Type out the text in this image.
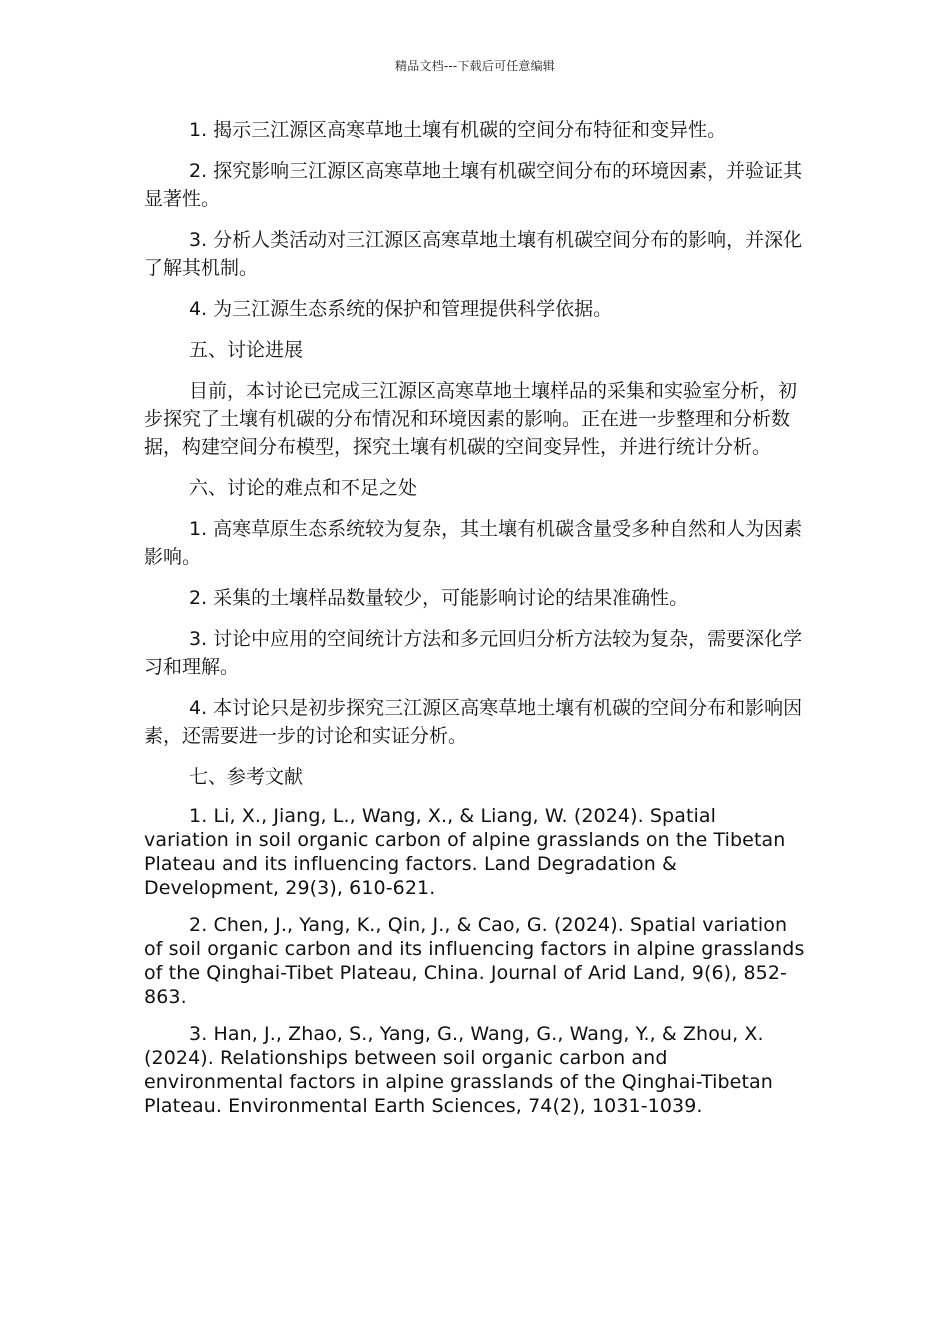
精品文档---下载后可任意编辑

1. 揭示三江源区高寒草地土壤有机碳的空间分布特征和变异性。

2. 探究影响三江源区高寒草地土壤有机碳空间分布的环境因素，并验证其显著性。

3. 分析人类活动对三江源区高寒草地土壤有机碳空间分布的影响，并深化了解其机制。

4. 为三江源生态系统的保护和管理提供科学依据。

五、讨论进展

目前，本讨论已完成三江源区高寒草地土壤样品的采集和实验室分析，初步探究了土壤有机碳的分布情况和环境因素的影响。正在进一步整理和分析数据，构建空间分布模型，探究土壤有机碳的空间变异性，并进行统计分析。

六、讨论的难点和不足之处

1. 高寒草原生态系统较为复杂，其土壤有机碳含量受多种自然和人为因素影响。

2. 采集的土壤样品数量较少，可能影响讨论的结果准确性。

3. 讨论中应用的空间统计方法和多元回归分析方法较为复杂，需要深化学习和理解。

4. 本讨论只是初步探究三江源区高寒草地土壤有机碳的空间分布和影响因素，还需要进一步的讨论和实证分析。

七、参考文献

1. Li, X., Jiang, L., Wang, X., & Liang, W. (2024). Spatial variation in soil organic carbon of alpine grasslands on the Tibetan Plateau and its influencing factors. Land Degradation & Development, 29(3), 610-621.

2. Chen, J., Yang, K., Qin, J., & Cao, G. (2024). Spatial variation of soil organic carbon and its influencing factors in alpine grasslands of the Qinghai-Tibet Plateau, China. Journal of Arid Land, 9(6), 852-863.

3. Han, J., Zhao, S., Yang, G., Wang, G., Wang, Y., & Zhou, X. (2024). Relationships between soil organic carbon and environmental factors in alpine grasslands of the Qinghai-Tibetan Plateau. Environmental Earth Sciences, 74(2), 1031-1039.
